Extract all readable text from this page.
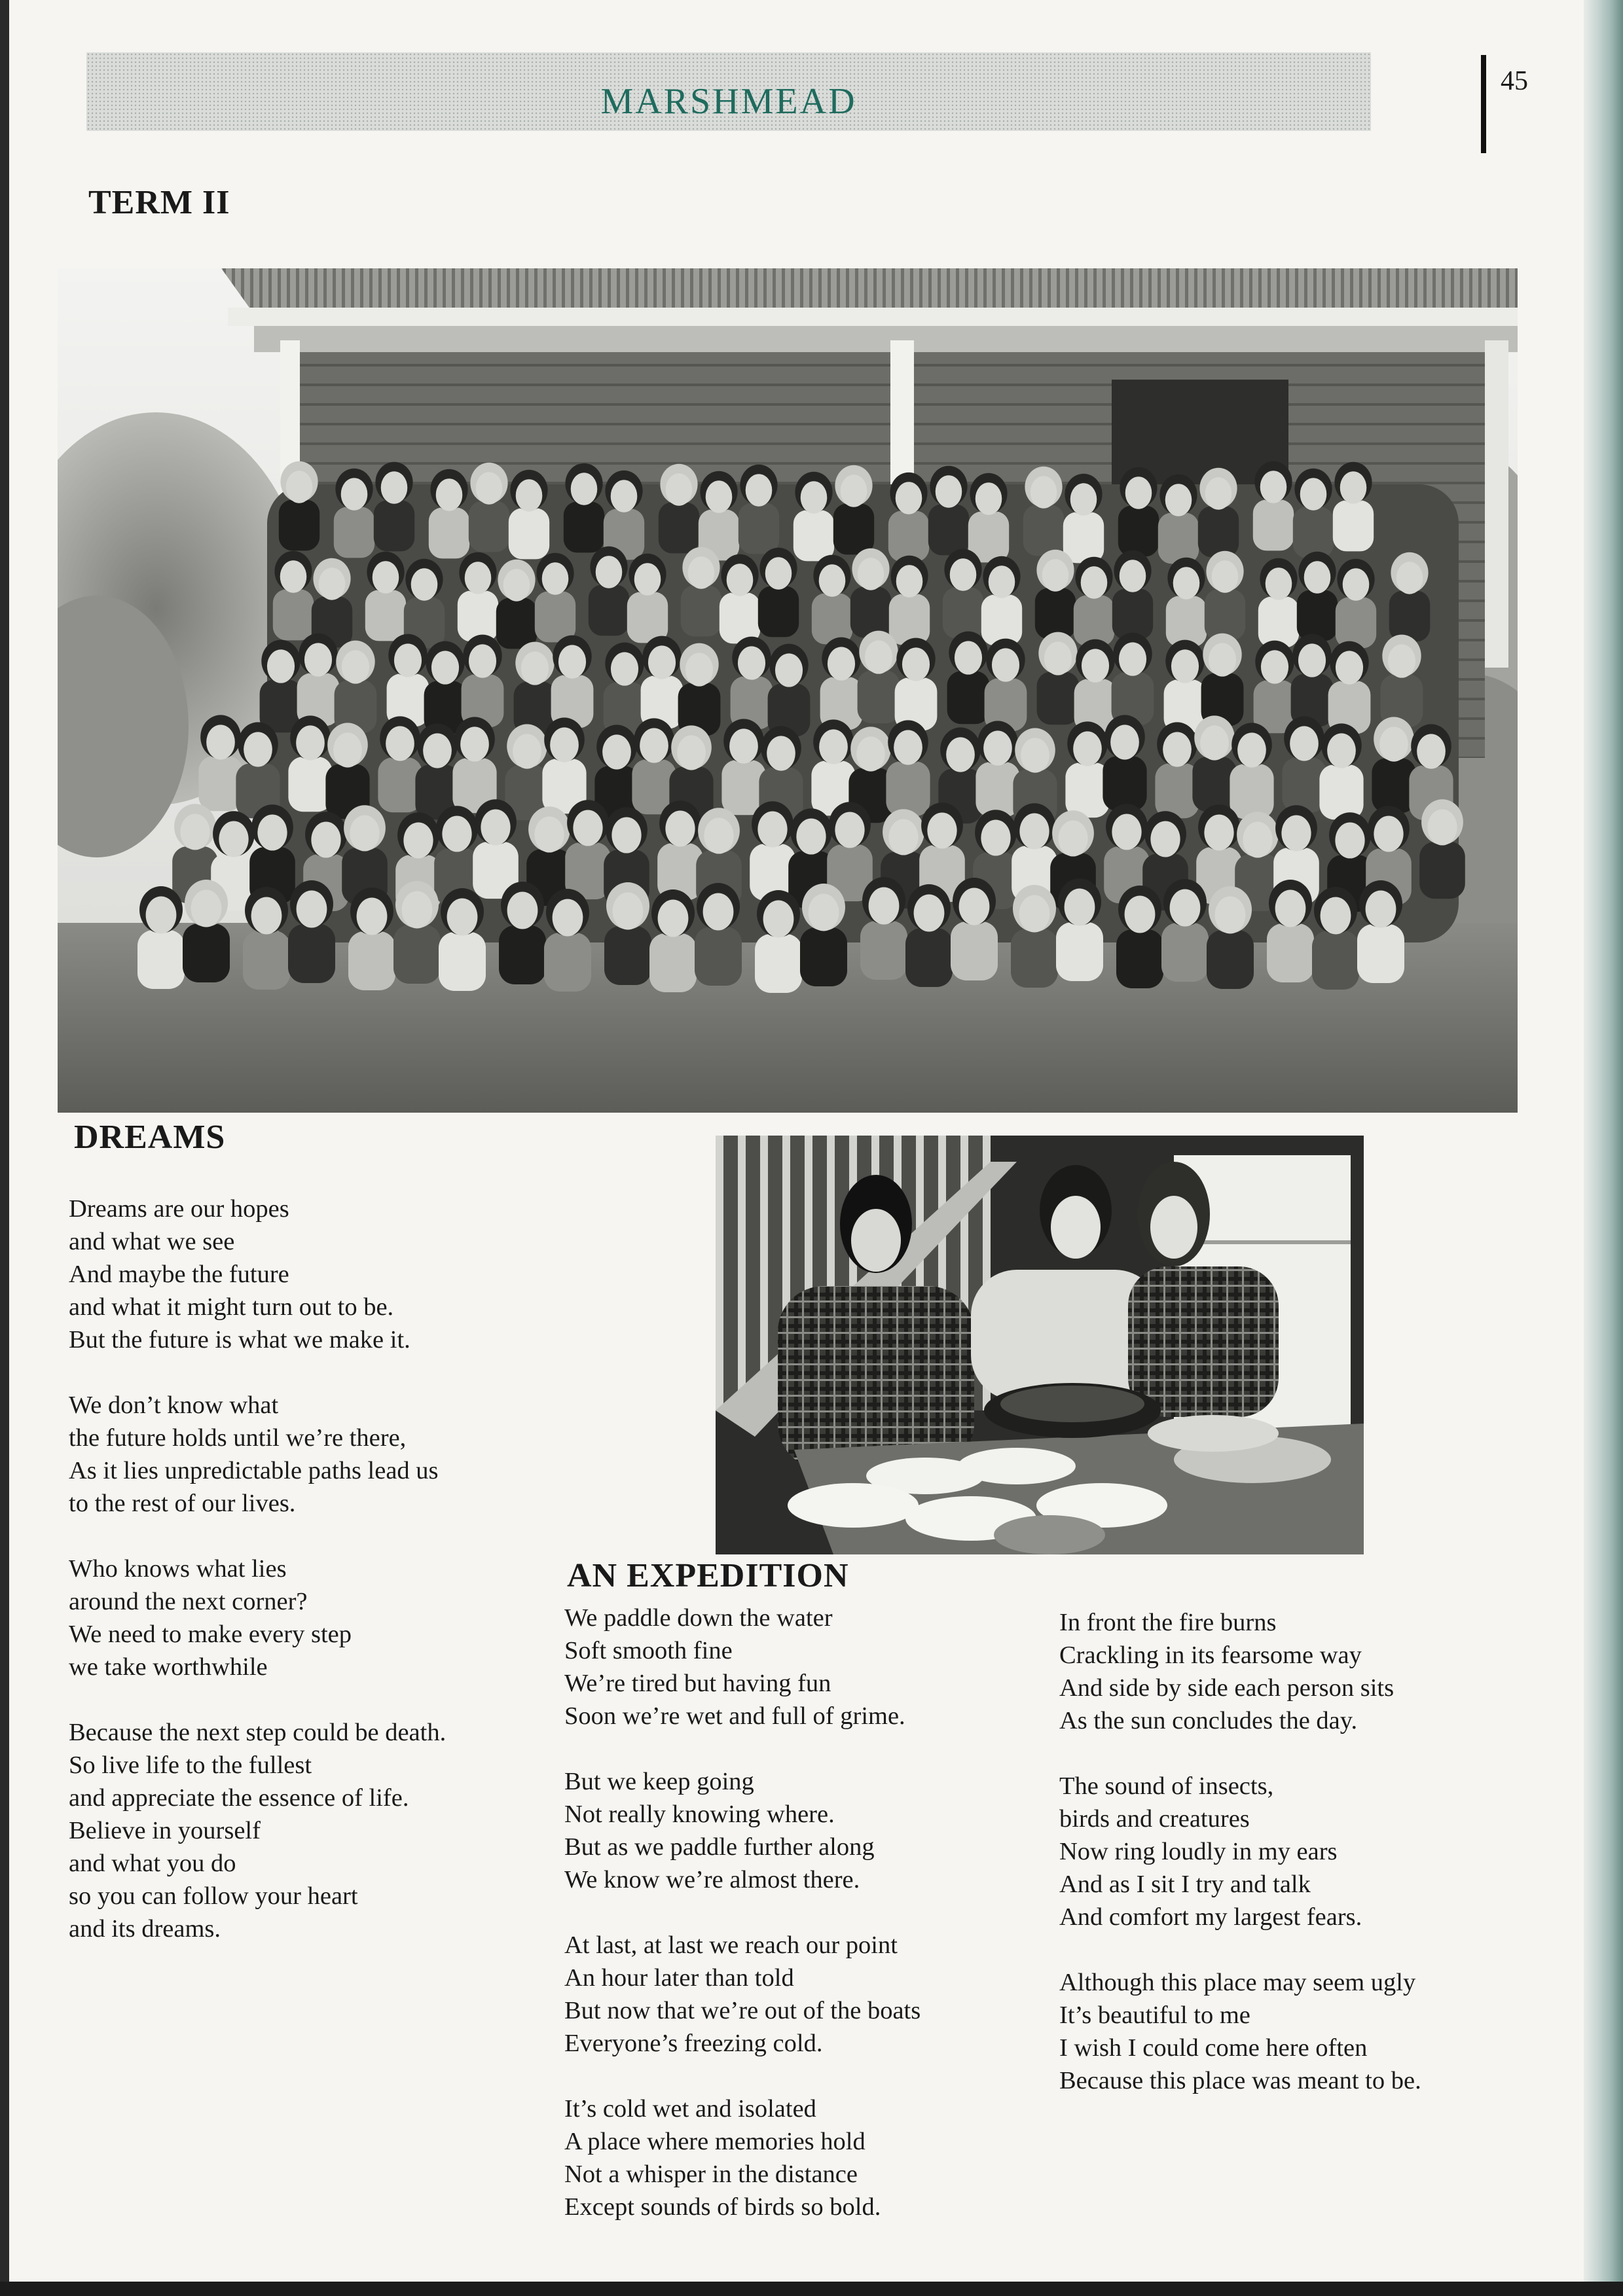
MARSHMEAD	45
TERM II
DREAMS
Dreams are our hopes
and what we see
And maybe the future
and what it might turn out to be.
But the future is what we make it.
We don’t know what
the future holds until we’re there,
As it lies unpredictable paths lead us
to the rest of our lives.
Who knows what lies
around the next corner?
We need to make every step
we take worthwhile
Because the next step could be death.
So live life to the fullest
and appreciate the essence of life.
Believe in yourself
and what you do
so you can follow your heart
and its dreams.
AN EXPEDITION
We paddle down the water
Soft smooth fine
We’re tired but having fun
Soon we’re wet and full of grime.
But we keep going
Not really knowing where.
But as we paddle further along
We know we’re almost there.
At last, at last we reach our point
An hour later than told
But now that we’re out of the boats
Everyone’s freezing cold.
It’s cold wet and isolated
A place where memories hold
Not a whisper in the distance
Except sounds of birds so bold.
In front the fire burns
Crackling in its fearsome way
And side by side each person sits
As the sun concludes the day.
The sound of insects,
birds and creatures
Now ring loudly in my ears
And as I sit I try and talk
And comfort my largest fears.
Although this place may seem ugly
It’s beautiful to me
I wish I could come here often
Because this place was meant to be.
